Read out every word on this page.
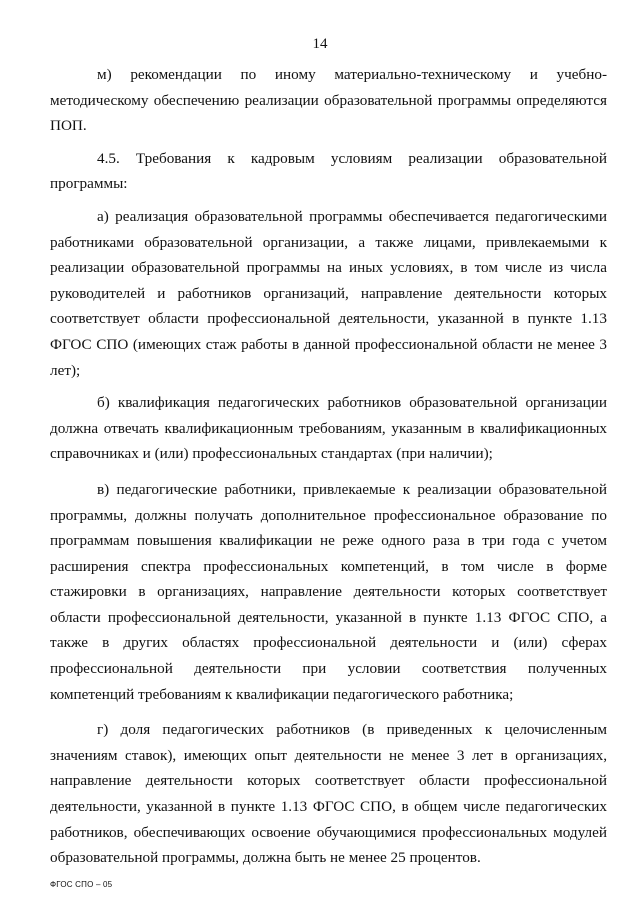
14

м) рекомендации по иному материально-техническому и учебно-методическому обеспечению реализации образовательной программы определяются ПОП.

4.5. Требования к кадровым условиям реализации образовательной программы:

а) реализация образовательной программы обеспечивается педагогическими работниками образовательной организации, а также лицами, привлекаемыми к реализации образовательной программы на иных условиях, в том числе из числа руководителей и работников организаций, направление деятельности которых соответствует области профессиональной деятельности, указанной в пункте 1.13 ФГОС СПО (имеющих стаж работы в данной профессиональной области не менее 3 лет);

б) квалификация педагогических работников образовательной организации должна отвечать квалификационным требованиям, указанным в квалификационных справочниках и (или) профессиональных стандартах (при наличии);

в) педагогические работники, привлекаемые к реализации образовательной программы, должны получать дополнительное профессиональное образование по программам повышения квалификации не реже одного раза в три года с учетом расширения спектра профессиональных компетенций, в том числе в форме стажировки в организациях, направление деятельности которых соответствует области профессиональной деятельности, указанной в пункте 1.13 ФГОС СПО, а также в других областях профессиональной деятельности и (или) сферах профессиональной деятельности при условии соответствия полученных компетенций требованиям к квалификации педагогического работника;

г) доля педагогических работников (в приведенных к целочисленным значениям ставок), имеющих опыт деятельности не менее 3 лет в организациях, направление деятельности которых соответствует области профессиональной деятельности, указанной в пункте 1.13 ФГОС СПО, в общем числе педагогических работников, обеспечивающих освоение обучающимися профессиональных модулей образовательной программы, должна быть не менее 25 процентов.

ФГОС СПО – 05
